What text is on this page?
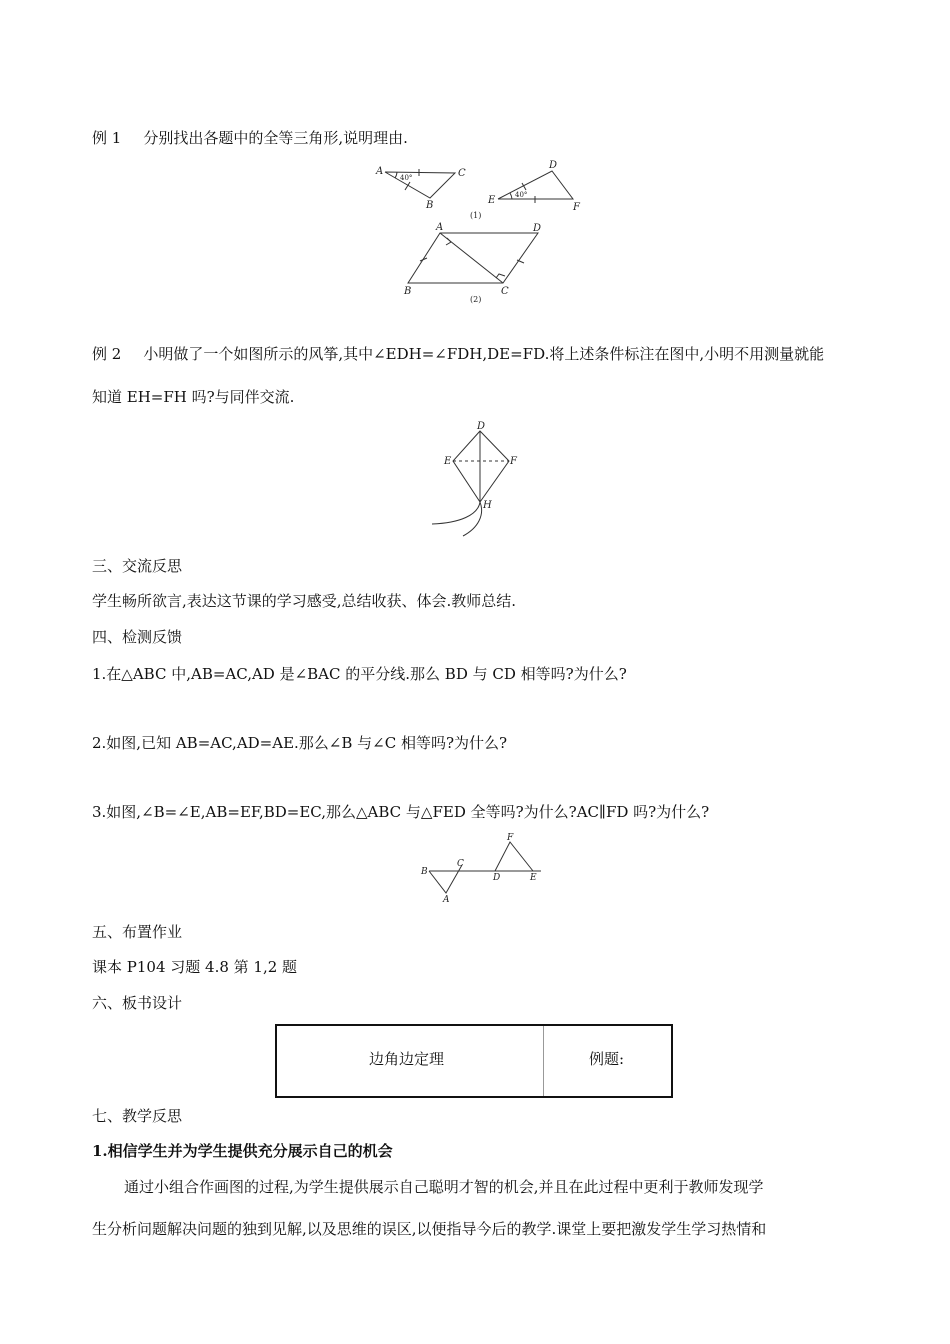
例 1 分别找出各题中的全等三角形,说明理由.
A
B
C
40°
D
E
F
40°
(1)
A
B	C
D
(2)
例 2 小明做了一个如图所示的风筝,其中∠EDH=∠FDH,DE=FD.将上述条件标注在图中,小明不用测量就能
知道 EH=FH 吗?与同伴交流.
D
E	F
H
三、交流反思
学生畅所欲言,表达这节课的学习感受,总结收获、体会.教师总结.
四、检测反馈
1.在△ABC 中,AB=AC,AD 是∠BAC 的平分线.那么 BD 与 CD 相等吗?为什么?
2.如图,已知 AB=AC,AD=AE.那么∠B 与∠C 相等吗?为什么?
3.如图,∠B=∠E,AB=EF,BD=EC,那么△ABC 与△FED 全等吗?为什么?AC∥FD 吗?为什么?
B
A
C
D	E
F
五、布置作业
课本 P104 习题 4.8 第 1,2 题
六、板书设计
边角边定理	例题:
七、教学反思
1.相信学生并为学生提供充分展示自己的机会
通过小组合作画图的过程,为学生提供展示自己聪明才智的机会,并且在此过程中更利于教师发现学
生分析问题解决问题的独到见解,以及思维的误区,以便指导今后的教学.课堂上要把激发学生学习热情和
